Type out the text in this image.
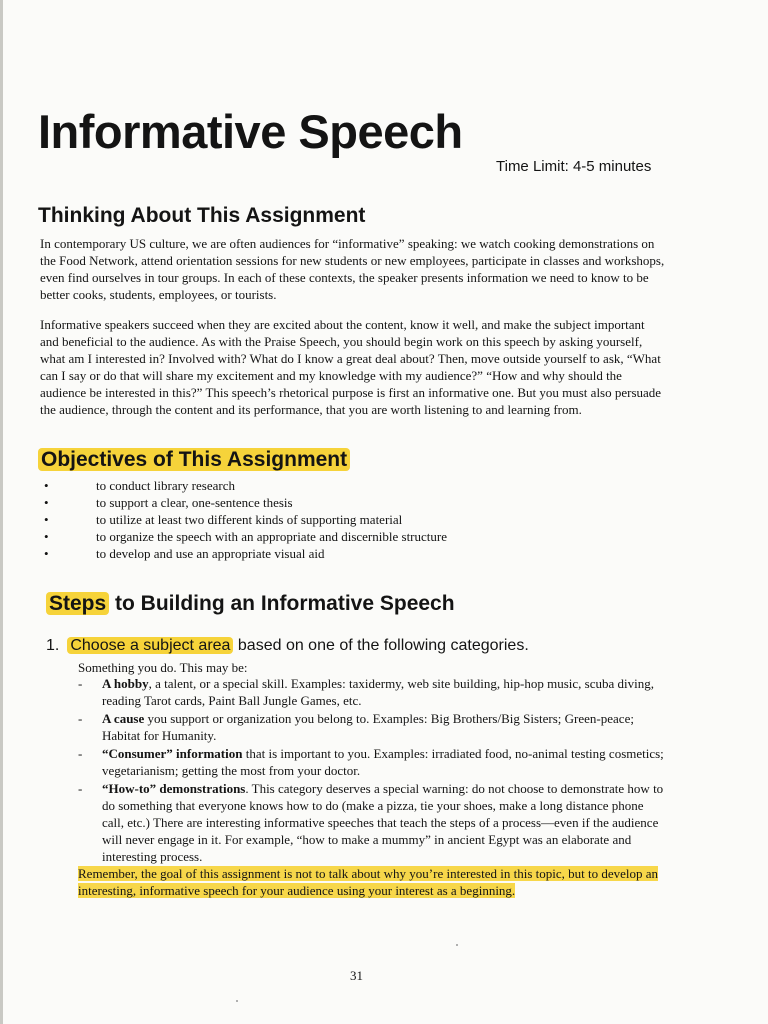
Informative Speech
Time Limit: 4-5 minutes
Thinking About This Assignment

In contemporary US culture, we are often audiences for “informative” speaking: we watch cooking demonstrations on the Food Network, attend orientation sessions for new students or new employees, participate in classes and workshops, even find ourselves in tour groups. In each of these contexts, the speaker presents information we need to know to be better cooks, students, employees, or tourists.

Informative speakers succeed when they are excited about the content, know it well, and make the subject important and beneficial to the audience. As with the Praise Speech, you should begin work on this speech by asking yourself, what am I interested in? Involved with? What do I know a great deal about? Then, move outside yourself to ask, “What can I say or do that will share my excitement and my knowledge with my audience?” “How and why should the audience be interested in this?” This speech’s rhetorical purpose is first an informative one. But you must also persuade the audience, through the content and its performance, that you are worth listening to and learning from.

Objectives of This Assignment
• to conduct library research
• to support a clear, one-sentence thesis
• to utilize at least two different kinds of supporting material
• to organize the speech with an appropriate and discernible structure
• to develop and use an appropriate visual aid
Steps to Building an Informative Speech
1. Choose a subject area based on one of the following categories.
Something you do. This may be:
- A hobby, a talent, or a special skill. Examples: taxidermy, web site building, hip-hop music, scuba diving, reading Tarot cards, Paint Ball Jungle Games, etc.
- A cause you support or organization you belong to. Examples: Big Brothers/Big Sisters; Green-peace; Habitat for Humanity.
- “Consumer” information that is important to you. Examples: irradiated food, no-animal testing cosmetics; vegetarianism; getting the most from your doctor.
- “How-to” demonstrations. This category deserves a special warning: do not choose to demonstrate how to do something that everyone knows how to do (make a pizza, tie your shoes, make a long distance phone call, etc.) There are interesting informative speeches that teach the steps of a process—even if the audience will never engage in it. For example, “how to make a mummy” in ancient Egypt was an elaborate and interesting process.

Remember, the goal of this assignment is not to talk about why you’re interested in this topic, but to develop an interesting, informative speech for your audience using your interest as a beginning.

31
